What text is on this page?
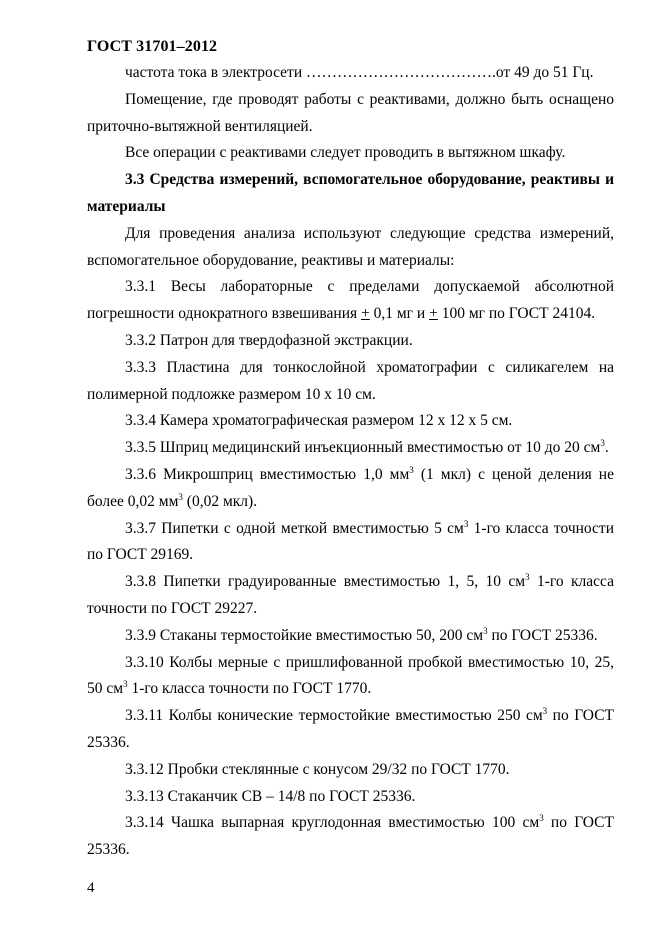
ГОСТ 31701–2012
частота тока в электросети ……………………………….от 49 до 51 Гц.
Помещение, где проводят работы с реактивами, должно быть оснащено приточно-вытяжной вентиляцией.
Все операции с реактивами следует проводить в вытяжном шкафу.
3.3 Средства измерений, вспомогательное оборудование, реактивы и материалы
Для проведения анализа используют следующие средства измерений, вспомогательное оборудование, реактивы и материалы:
3.3.1 Весы лабораторные с пределами допускаемой абсолютной погрешности однократного взвешивания + 0,1 мг и + 100 мг по ГОСТ 24104.
3.3.2 Патрон для твердофазной экстракции.
3.3.3 Пластина для тонкослойной хроматографии с силикагелем на полимерной подложке размером 10 х 10 см.
3.3.4 Камера хроматографическая размером 12 х 12 х 5 см.
3.3.5 Шприц медицинский инъекционный вместимостью от 10 до 20 $см^3$.
3.3.6 Микрошприц вместимостью 1,0 $мм^3$ (1 мкл) с ценой деления не более 0,02 $мм^3$ (0,02 мкл).
3.3.7 Пипетки с одной меткой вместимостью 5 $см^3$ 1-го класса точности по ГОСТ 29169.
3.3.8 Пипетки градуированные вместимостью 1, 5, 10 $см^3$ 1-го класса точности по ГОСТ 29227.
3.3.9 Стаканы термостойкие вместимостью 50, 200 $см^3$ по ГОСТ 25336.
3.3.10 Колбы мерные с пришлифованной пробкой вместимостью 10, 25, 50 $см^3$ 1-го класса точности по ГОСТ 1770.
3.3.11 Колбы конические термостойкие вместимостью 250 $см^3$ по ГОСТ 25336.
3.3.12 Пробки стеклянные с конусом 29/32 по ГОСТ 1770.
3.3.13 Стаканчик СВ – 14/8 по ГОСТ 25336.
3.3.14 Чашка выпарная круглодонная вместимостью 100 $см^3$ по ГОСТ 25336.
4
